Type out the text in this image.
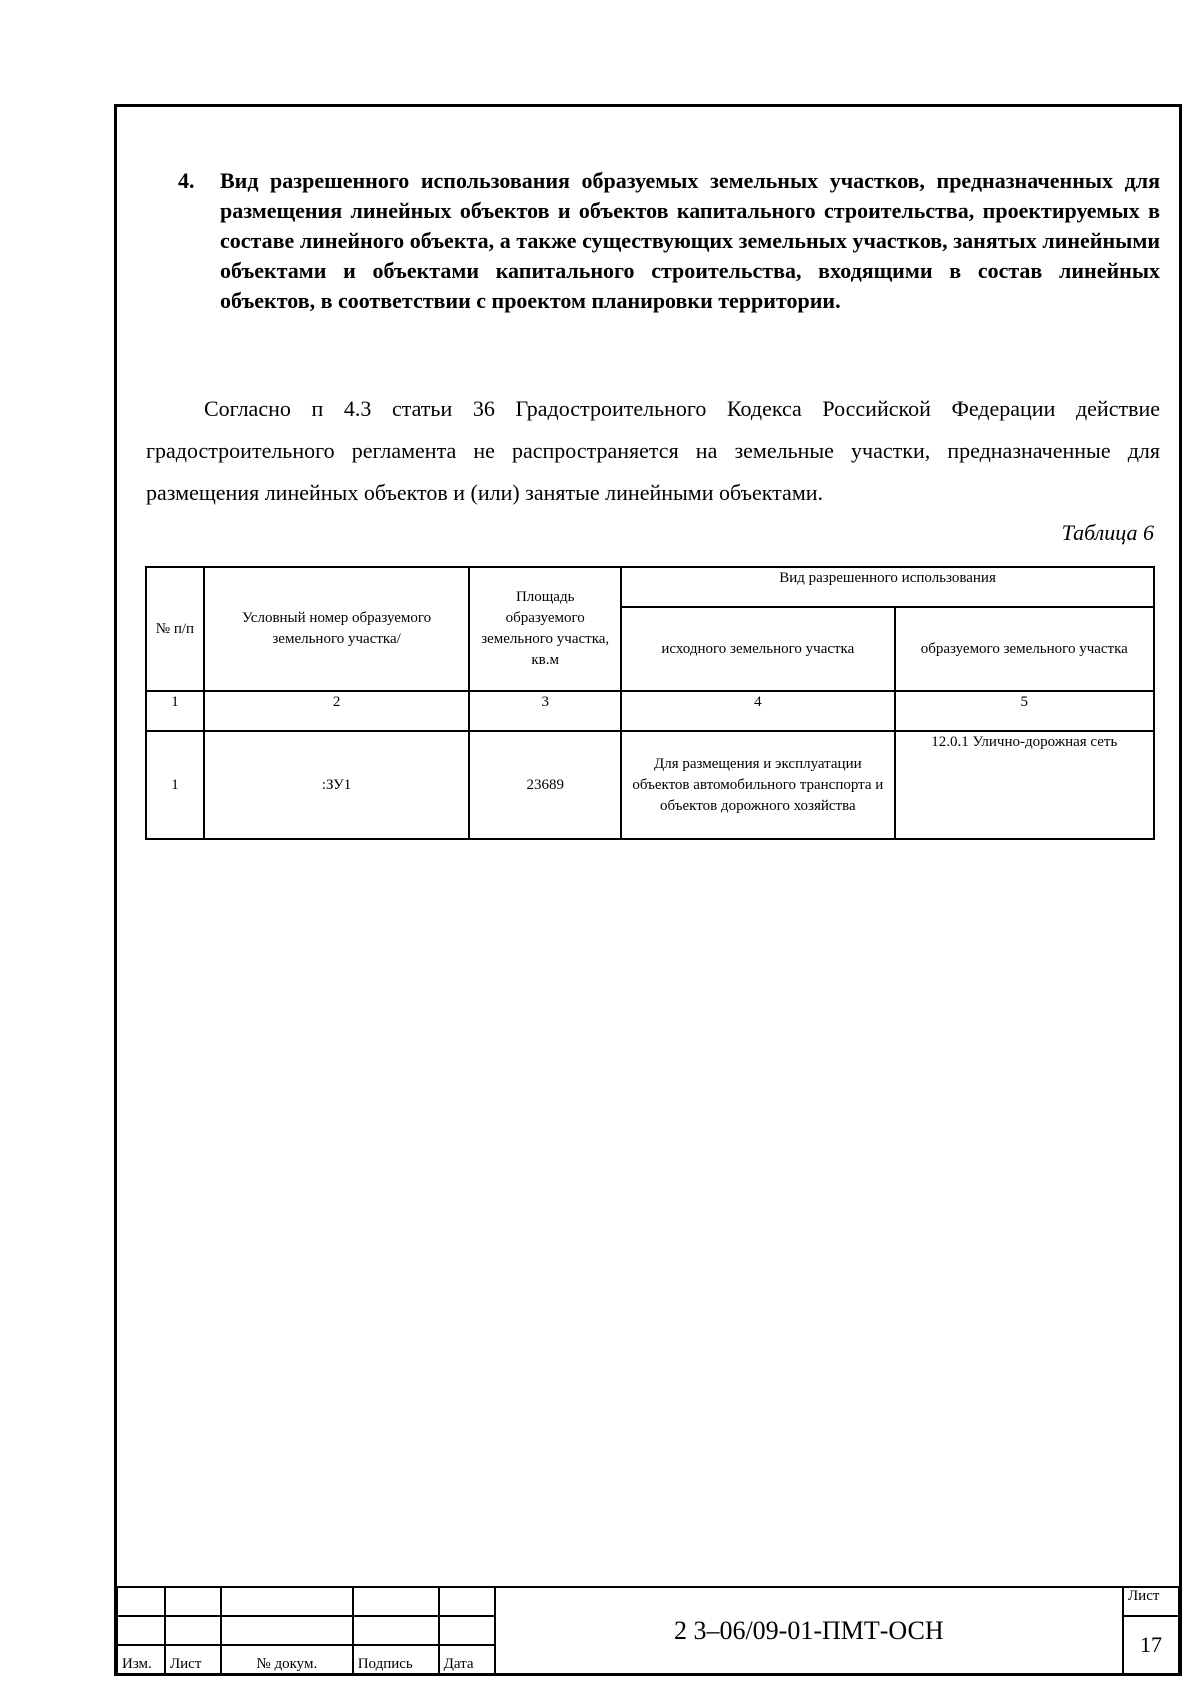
4.	Вид разрешенного использования образуемых земельных участков, предназначенных для размещения линейных объектов и объектов капитального строительства, проектируемых в составе линейного объекта, а также существующих земельных участков, занятых линейными объектами и объектами капитального строительства, входящими в состав линейных объектов, в соответствии с проектом планировки территории.

Согласно п 4.3 статьи 36 Градостроительного Кодекса Российской Федерации действие градостроительного регламента не распространяется на земельные участки, предназначенные для размещения линейных объектов и (или) занятые линейными объектами.

Таблица 6
№ п/п	Условный номер образуемого земельного участка/	Площадь образуемого земельного участка, кв.м	Вид разрешенного использования	
			исходного земельного участка	образуемого земельного участка
1	2	3	4	5
1	:ЗУ1	23689	Для размещения и эксплуатации объектов автомобильного транспорта и объектов дорожного хозяйства	12.0.1 Улично-дорожная сеть
					2 3–06/09-01-ПМТ-ОСН	Лист
						17
Изм.	Лист	№ докум.	Подпись	Дата		
